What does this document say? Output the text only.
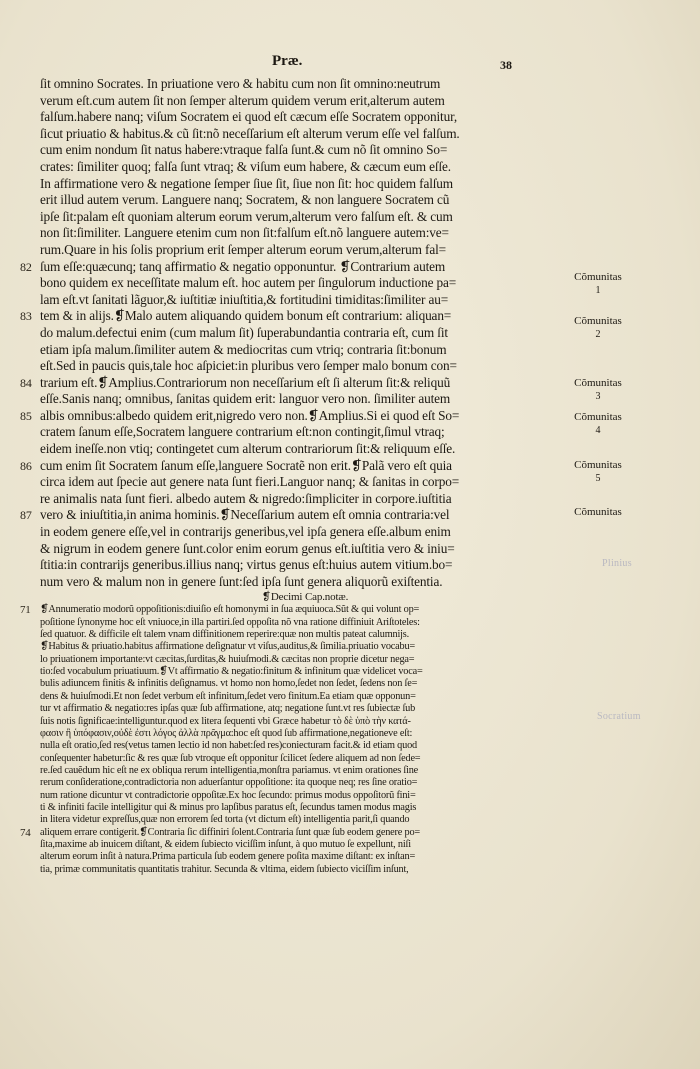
Præ.	38
ſit omnino Socrates. In priuatione vero & habitu cum non ſit omnino:neutrum
verum eſt.cum autem ſit non ſemper alterum quidem verum erit,alterum autem
falſum.habere nanq; viſum Socratem ei quod eſt cæcum eſſe Socratem opponitur,
ſicut priuatio & habitus.& cũ ſit:nõ neceſſarium eſt alterum verum eſſe vel falſum.
cum enim nondum ſit natus habere:vtraque falſa ſunt.& cum nõ ſit omnino So=
crates: ſimiliter quoq; falſa ſunt vtraq; & viſum eum habere, & cæcum eum eſſe.
In affirmatione vero & negatione ſemper ſiue ſit, ſiue non ſit: hoc quidem falſum
erit illud autem verum. Languere nanq; Socratem, & non languere Socratem cũ
ipſe ſit:palam eſt quoniam alterum eorum verum,alterum vero falſum eſt. & cum
non ſit:ſimiliter. Languere etenim cum non ſit:falſum eſt.nõ languere autem:ve=
rum.Quare in his ſolis proprium erit ſemper alterum eorum verum,alterum fal=
82 ſum eſſe:quæcunq; tanq affirmatio & negatio opponuntur. ❡Contrarium autem
bono quidem ex neceſſitate malum eſt. hoc autem per ſingulorum inductione pa=
lam eſt.vt ſanitati lãguor,& iuſtitiæ iniuſtitia,& fortitudini timiditas:ſimiliter au=
83 tem & in alijs.❡Malo autem aliquando quidem bonum eſt contrarium: aliquan=
do malum.defectui enim (cum malum ſit) ſuperabundantia contraria eſt, cum ſit
etiam ipſa malum.ſimiliter autem & mediocritas cum vtriq; contraria ſit:bonum
eſt.Sed in paucis quis,tale hoc aſpiciet:in pluribus vero ſemper malo bonum con=
84 trarium eſt.❡Amplius.Contrariorum non neceſſarium eſt ſi alterum ſit:& reliquũ
eſſe.Sanis nanq; omnibus, ſanitas quidem erit: languor vero non. ſimiliter autem
85 albis omnibus:albedo quidem erit,nigredo vero non.❡Amplius.Si ei quod eſt So=
cratem ſanum eſſe,Socratem languere contrarium eſt:non contingit,ſimul vtraq;
eidem ineſſe.non vtiq; contingetet cum alterum contrariorum ſit:& reliquum eſſe.
86 cum enim ſit Socratem ſanum eſſe,languere Socratẽ non erit.❡Palã vero eſt quia
circa idem aut ſpecie aut genere nata ſunt fieri.Languor nanq; & ſanitas in corpo=
re animalis nata ſunt fieri. albedo autem & nigredo:ſimpliciter in corpore.iuſtitia
87 vero & iniuſtitia,in anima hominis.❡Neceſſarium autem eſt omnia contraria:vel
in eodem genere eſſe,vel in contrarijs generibus,vel ipſa genera eſſe.album enim
& nigrum in eodem genere ſunt.color enim eorum genus eſt.iuſtitia vero & iniu=
ſtitia:in contrarijs generibus.illius nanq; virtus genus eſt:huius autem vitium.bo=
num vero & malum non in genere ſunt:ſed ipſa ſunt genera aliquorũ exiſtentia.
❡Decimi Cap.notæ.
71 ❡Annumeratio modorũ oppoſitionis:diuiſio eſt homonymi in ſua æquiuoca.Sũt & qui volunt op=
poſitione ſynonyme hoc eſt vniuoce,in illa partiri.ſed oppoſita nõ vna ratione diffiniuit Ariſtoteles:
ſed quatuor. & difficile eſt talem vnam diffinitionem reperire:quæ non multis pateat calumnijs.
❡Habitus & priuatio.habitus affirmatione deſignatur vt viſus,auditus,& ſimilia.priuatio vocabu=
lo priuationem importante:vt cæcitas,ſurditas,& huiuſmodi.& cæcitas non proprie dicetur nega=
tio:ſed vocabulum priuatiuum.❡Vt affirmatio & negatio:finitum & infinitum quæ videlicet voca=
bulis adiuncem finitis & infinitis deſignamus. vt homo non homo,ſedet non ſedet, ſedens non ſe=
dens & huiuſmodi.Et non ſedet verbum eſt infinitum,ſedet vero finitum.Ea etiam quæ opponun=
tur vt affirmatio & negatio:res ipſas quæ ſub affirmatione, atq; negatione ſunt.vt res ſubiectæ ſub
ſuis notis ſignificae:intelliguntur.quod ex litera ſequenti vbi Græce habetur τὸ δὲ ὑπὸ τὴν κατά-
φασιν ἢ ὑπόφασιν,οὐδὲ ἐστι λόγος ἀλλὰ πρᾶγμα:hoc eſt quod ſub affirmatione,negationeve eſt:
nulla eſt oratio,ſed res(vetus tamen lectio id non habet:ſed res)coniecturam facit.& id etiam quod
conſequenter habetur:ſic & res quæ ſub vtroque eſt opponitur ſcilicet ſedere aliquem ad non ſede=
re.ſed cauẽdum hic eſt ne ex obliqua rerum intelligentia,monſtra pariamus. vt enim orationes ſine
rerum conſideratione,contradictoria non aduerſantur oppoſitione: ita quoque neq; res ſine oratio=
num ratione dicuntur vt contradictorie oppoſitæ.Ex hoc ſecundo: primus modus oppoſitorũ fini=
ti & infiniti facile intelligitur qui & minus pro lapſibus paratus eſt, ſecundus tamen modus magis
in litera videtur expreſſus,quæ non errorem ſed torta (vt dictum eſt) intelligentia parit,ſi quando
74 aliquem errare contigerit.❡Contraria ſic diffiniri ſolent.Contraria ſunt quæ ſub eodem genere po=
ſita,maxime ab inuicem diſtant, & eidem ſubiecto viciſſim inſunt, à quo mutuo ſe expellunt, niſi
alterum eorum inſit à natura.Prima particula ſub eodem genere poſita maxime diſtant: ex inſtan=
tia, primæ communitatis quantitatis trahitur. Secunda & vltima, eidem ſubiecto viciſſim inſunt,
Cõmunitas
1
Cõmunitas
2
Cõmunitas
3
Cõmunitas
4
Cõmunitas
5
Cõmunitas
Plinius
Socratium
